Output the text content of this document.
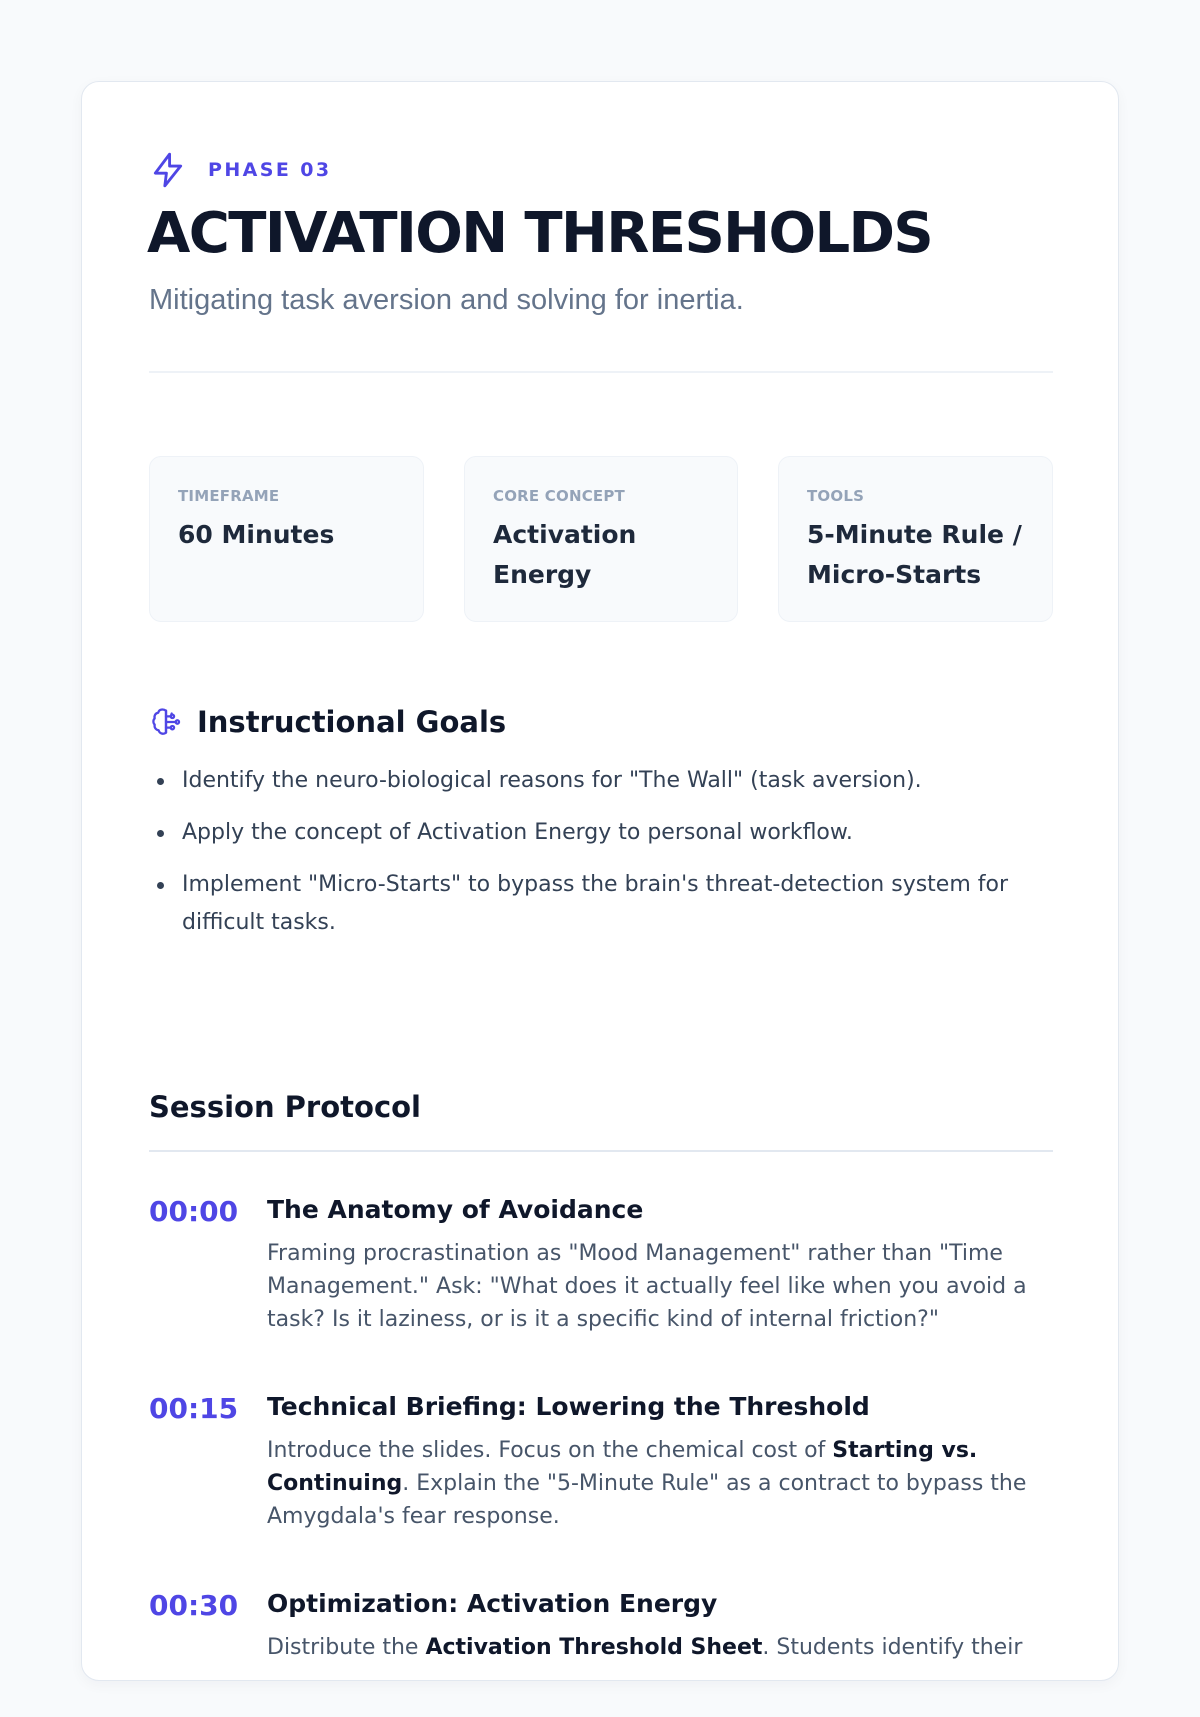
PHASE 03
ACTIVATION THRESHOLDS

Mitigating task aversion and solving for inertia.

TIMEFRAME
60 Minutes
CORE CONCEPT
Activation Energy
TOOLS
5-Minute Rule / Micro-Starts
Instructional Goals
Identify the neuro-biological reasons for "The Wall" (task aversion).
Apply the concept of Activation Energy to personal workflow.
Implement "Micro-Starts" to bypass the brain's threat-detection system for difficult tasks.
Session Protocol
00:00	The Anatomy of Avoidance

Framing procrastination as "Mood Management" rather than "Time Management." Ask: "What does it actually feel like when you avoid a task? Is it laziness, or is it a specific kind of internal friction?"

00:15	Technical Briefing: Lowering the Threshold

Introduce the slides. Focus on the chemical cost of Starting vs. Continuing. Explain the "5-Minute Rule" as a contract to bypass the Amygdala's fear response.

00:30	Optimization: Activation Energy

Distribute the Activation Threshold Sheet. Students identify their
